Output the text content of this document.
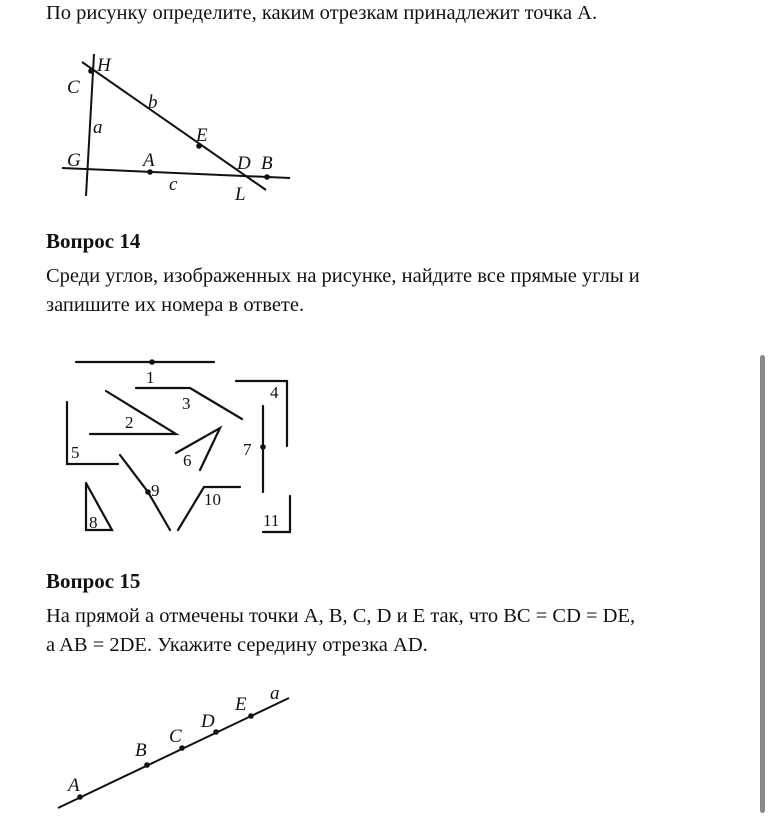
По рисунку определите, каким отрезкам принадлежит точка А.

H
C
b
a	E
G	A	D B
c	L

Вопрос 14

Среди углов, изображенных на рисунке, найдите все прямые углы и

запишите их номера в ответе.

1
2
3
4
5	6
7
8
9	10
11

Вопрос 15

На прямой a отмечены точки A, B, C, D и E так, что BC = CD = DE,

a AB = 2DE. Укажите середину отрезка AD.

A
B
C
D
E
a
